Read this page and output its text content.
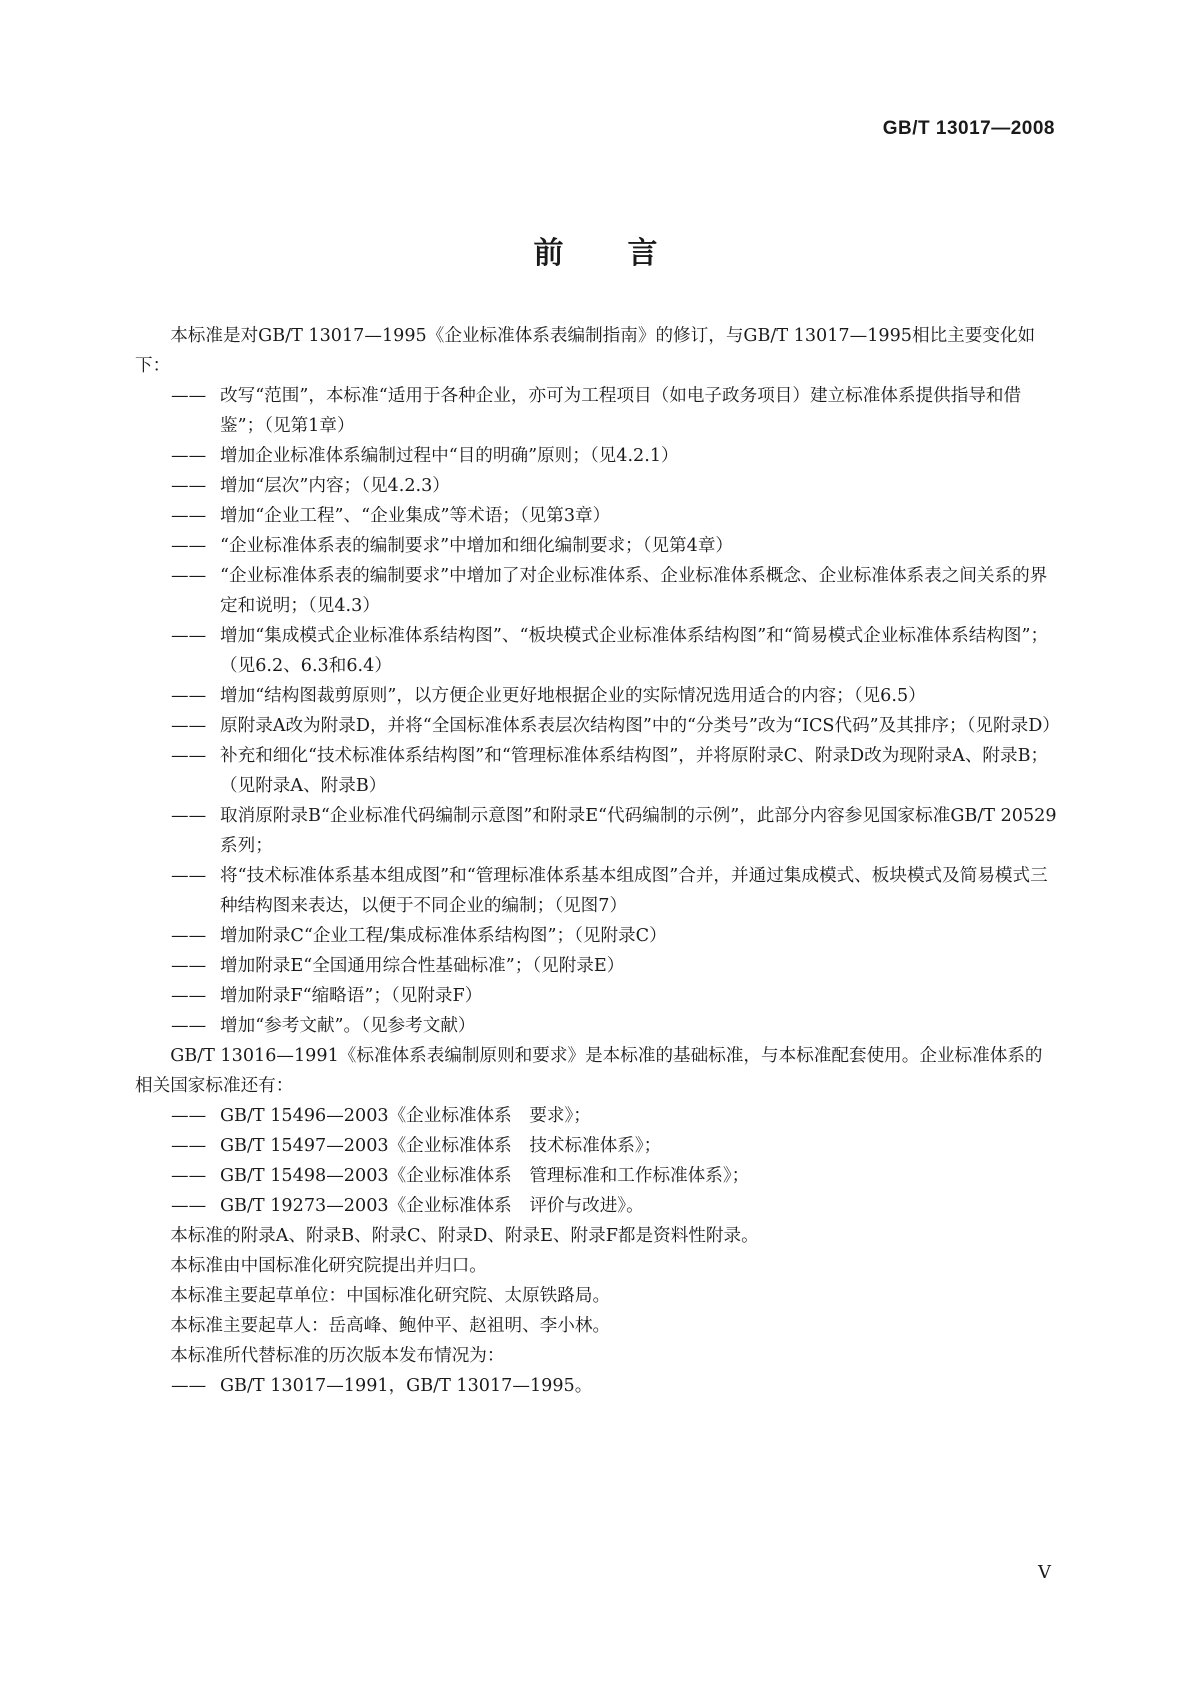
GB/T 13017—2008
前 言

本标准是对GB/T 13017—1995《企业标准体系表编制指南》的修订，与GB/T 13017—1995相比主要变化如下：

—— 改写“范围”，本标准“适用于各种企业，亦可为工程项目（如电子政务项目）建立标准体系提供指导和借鉴”；（见第1章）

—— 增加企业标准体系编制过程中“目的明确”原则；（见4.2.1）

—— 增加“层次”内容；（见4.2.3）

—— 增加“企业工程”、“企业集成”等术语；（见第3章）

—— “企业标准体系表的编制要求”中增加和细化编制要求；（见第4章）

—— “企业标准体系表的编制要求”中增加了对企业标准体系、企业标准体系概念、企业标准体系表之间关系的界定和说明；（见4.3）

—— 增加“集成模式企业标准体系结构图”、“板块模式企业标准体系结构图”和“简易模式企业标准体系结构图”；（见6.2、6.3和6.4）

—— 增加“结构图裁剪原则”，以方便企业更好地根据企业的实际情况选用适合的内容；（见6.5）

—— 原附录A改为附录D，并将“全国标准体系表层次结构图”中的“分类号”改为“ICS代码”及其排序；（见附录D）

—— 补充和细化“技术标准体系结构图”和“管理标准体系结构图”，并将原附录C、附录D改为现附录A、附录B；（见附录A、附录B）

—— 取消原附录B“企业标准代码编制示意图”和附录E“代码编制的示例”，此部分内容参见国家标准GB/T 20529系列；

—— 将“技术标准体系基本组成图”和“管理标准体系基本组成图”合并，并通过集成模式、板块模式及简易模式三种结构图来表达，以便于不同企业的编制；（见图7）

—— 增加附录C“企业工程/集成标准体系结构图”；（见附录C）

—— 增加附录E“全国通用综合性基础标准”；（见附录E）

—— 增加附录F“缩略语”；（见附录F）

—— 增加“参考文献”。（见参考文献）

GB/T 13016—1991《标准体系表编制原则和要求》是本标准的基础标准，与本标准配套使用。企业标准体系的相关国家标准还有：

—— GB/T 15496—2003《企业标准体系　要求》；

—— GB/T 15497—2003《企业标准体系　技术标准体系》；

—— GB/T 15498—2003《企业标准体系　管理标准和工作标准体系》；

—— GB/T 19273—2003《企业标准体系　评价与改进》。

本标准的附录A、附录B、附录C、附录D、附录E、附录F都是资料性附录。

本标准由中国标准化研究院提出并归口。

本标准主要起草单位：中国标准化研究院、太原铁路局。

本标准主要起草人：岳高峰、鲍仲平、赵祖明、李小林。

本标准所代替标准的历次版本发布情况为：

—— GB/T 13017—1991，GB/T 13017—1995。

Ⅴ
